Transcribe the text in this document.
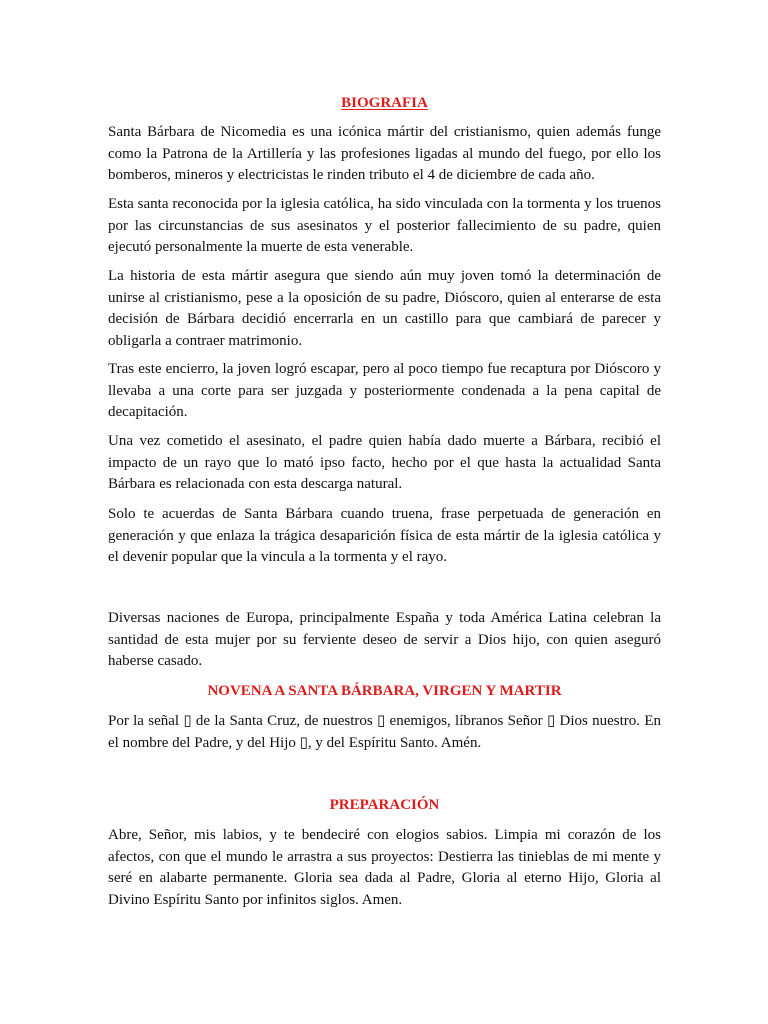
BIOGRAFIA

Santa Bárbara de Nicomedia es una icónica mártir del cristianismo, quien además funge como la Patrona de la Artillería y las profesiones ligadas al mundo del fuego, por ello los bomberos, mineros y electricistas le rinden tributo el 4 de diciembre de cada año.

Esta santa reconocida por la iglesia católica, ha sido vinculada con la tormenta y los truenos por las circunstancias de sus asesinatos y el posterior fallecimiento de su padre, quien ejecutó personalmente la muerte de esta venerable.

La historia de esta mártir asegura que siendo aún muy joven tomó la determinación de unirse al cristianismo, pese a la oposición de su padre, Dióscoro, quien al enterarse de esta decisión de Bárbara decidió encerrarla en un castillo para que cambiará de parecer y obligarla a contraer matrimonio.

Tras este encierro, la joven logró escapar, pero al poco tiempo fue recaptura por Dióscoro y llevaba a una corte para ser juzgada y posteriormente condenada a la pena capital de decapitación.

Una vez cometido el asesinato, el padre quien había dado muerte a Bárbara, recibió el impacto de un rayo que lo mató ipso facto, hecho por el que hasta la actualidad Santa Bárbara es relacionada con esta descarga natural.

Solo te acuerdas de Santa Bárbara cuando truena, frase perpetuada de generación en generación y que enlaza la trágica desaparición física de esta mártir de la iglesia católica y el devenir popular que la vincula a la tormenta y el rayo.

Diversas naciones de Europa, principalmente España y toda América Latina celebran la santidad de esta mujer por su ferviente deseo de servir a Dios hijo, con quien aseguró haberse casado.

NOVENA A SANTA BÁRBARA, VIRGEN Y MARTIR

Por la señal ▯ de la Santa Cruz, de nuestros ▯ enemigos, líbranos Señor ▯ Dios nuestro. En el nombre del Padre, y del Hijo ▯, y del Espíritu Santo. Amén.

PREPARACIÓN

Abre, Señor, mis labios, y te bendeciré con elogios sabios. Limpia mi corazón de los afectos, con que el mundo le arrastra a sus proyectos: Destierra las tinieblas de mi mente y seré en alabarte permanente. Gloria sea dada al Padre, Gloria al eterno Hijo, Gloria al Divino Espíritu Santo por infinitos siglos. Amen.
